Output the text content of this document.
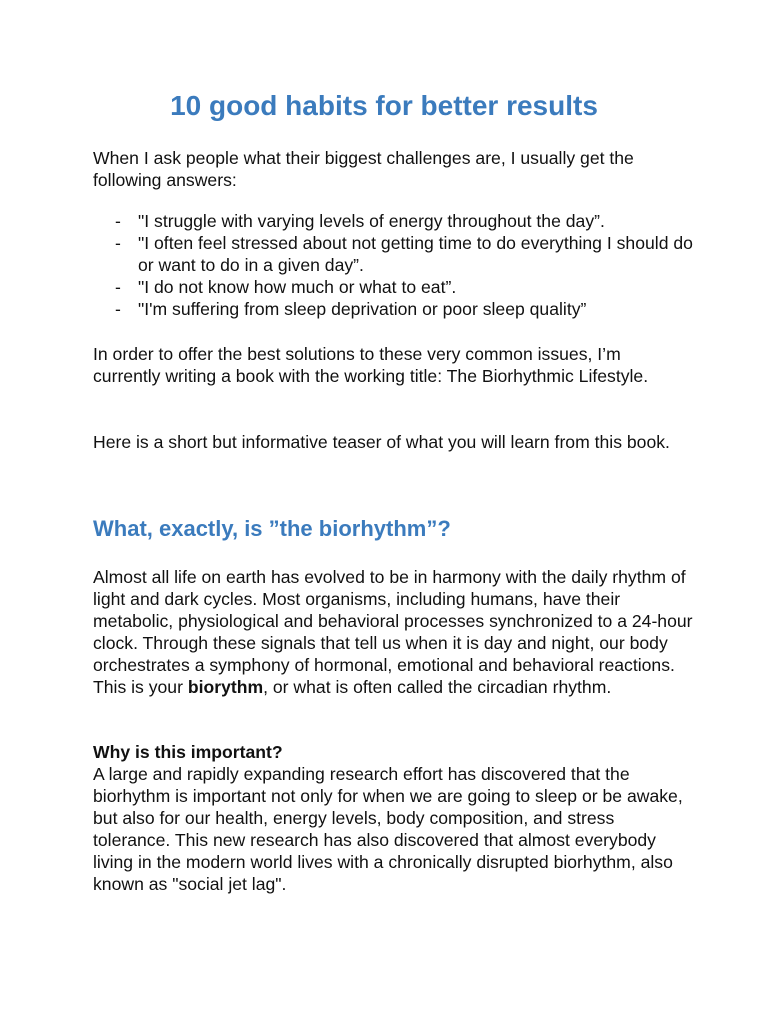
10 good habits for better results

When I ask people what their biggest challenges are, I usually get the following answers:

- "I struggle with varying levels of energy throughout the day”.
- "I often feel stressed about not getting time to do everything I should do or want to do in a given day”.
- "I do not know how much or what to eat”.
- "I'm suffering from sleep deprivation or poor sleep quality”

In order to offer the best solutions to these very common issues, I’m currently writing a book with the working title: The Biorhythmic Lifestyle.

Here is a short but informative teaser of what you will learn from this book.

What, exactly, is ”the biorhythm”?

Almost all life on earth has evolved to be in harmony with the daily rhythm of light and dark cycles. Most organisms, including humans, have their metabolic, physiological and behavioral processes synchronized to a 24-hour clock. Through these signals that tell us when it is day and night, our body orchestrates a symphony of hormonal, emotional and behavioral reactions. This is your biorythm, or what is often called the circadian rhythm.

Why is this important?

A large and rapidly expanding research effort has discovered that the biorhythm is important not only for when we are going to sleep or be awake, but also for our health, energy levels, body composition, and stress tolerance. This new research has also discovered that almost everybody living in the modern world lives with a chronically disrupted biorhythm, also known as "social jet lag".
